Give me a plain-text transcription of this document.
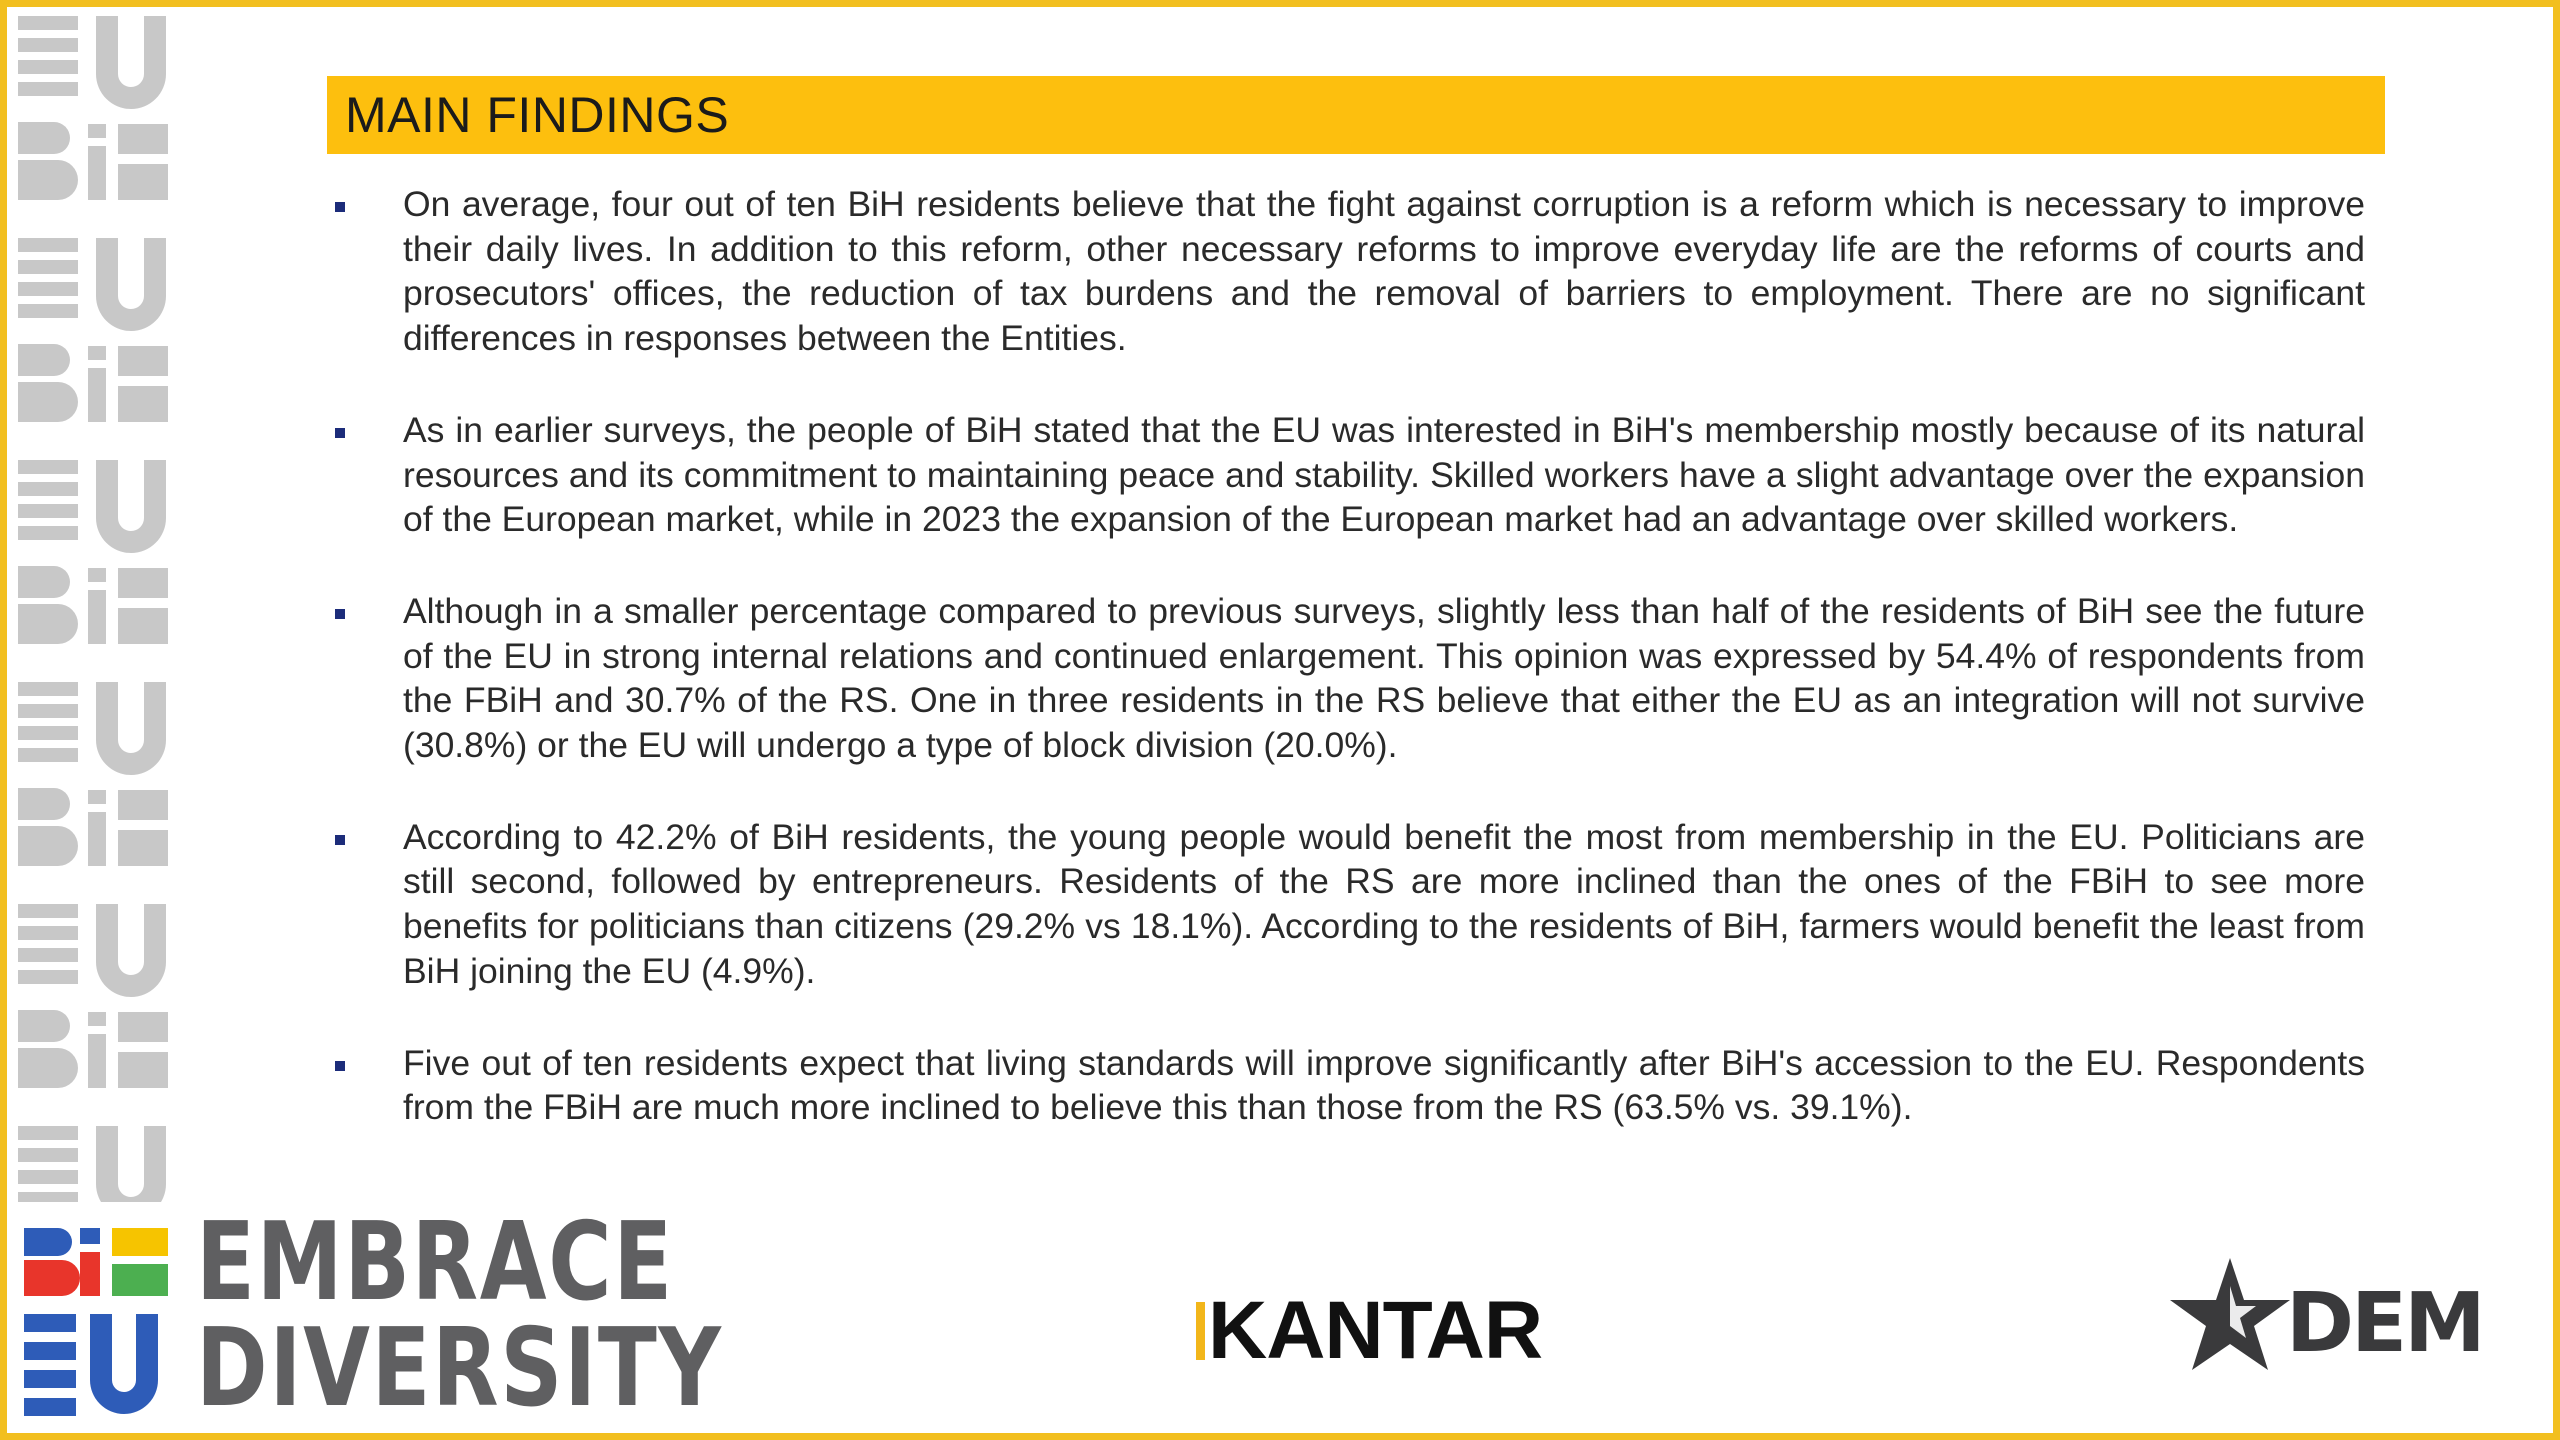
MAIN FINDINGS

On average, four out of ten BiH residents believe that the fight against corruption is a reform which is necessary to improve their daily lives. In addition to this reform, other necessary reforms to improve everyday life are the reforms of courts and prosecutors' offices, the reduction of tax burdens and the removal of barriers to employment. There are no significant differences in responses between the Entities.

As in earlier surveys, the people of BiH stated that the EU was interested in BiH's membership mostly because of its natural resources and its commitment to maintaining peace and stability. Skilled workers have a slight advantage over the expansion of the European market, while in 2023 the expansion of the European market had an advantage over skilled workers.

Although in a smaller percentage compared to previous surveys, slightly less than half of the residents of BiH see the future of the EU in strong internal relations and continued enlargement. This opinion was expressed by 54.4% of respondents from the FBiH and 30.7% of the RS. One in three residents in the RS believe that either the EU as an integration will not survive (30.8%) or the EU will undergo a type of block division (20.0%).

According to 42.2% of BiH residents, the young people would benefit the most from membership in the EU. Politicians are still second, followed by entrepreneurs. Residents of the RS are more inclined than the ones of the FBiH to see more benefits for politicians than citizens (29.2% vs 18.1%). According to the residents of BiH, farmers would benefit the least from BiH joining the EU (4.9%).

Five out of ten residents expect that living standards will improve significantly after BiH's accession to the EU. Respondents from the FBiH are much more inclined to believe this than those from the RS (63.5% vs. 39.1%).

EMBRACE
DIVERSITY	KANTAR	DEM
